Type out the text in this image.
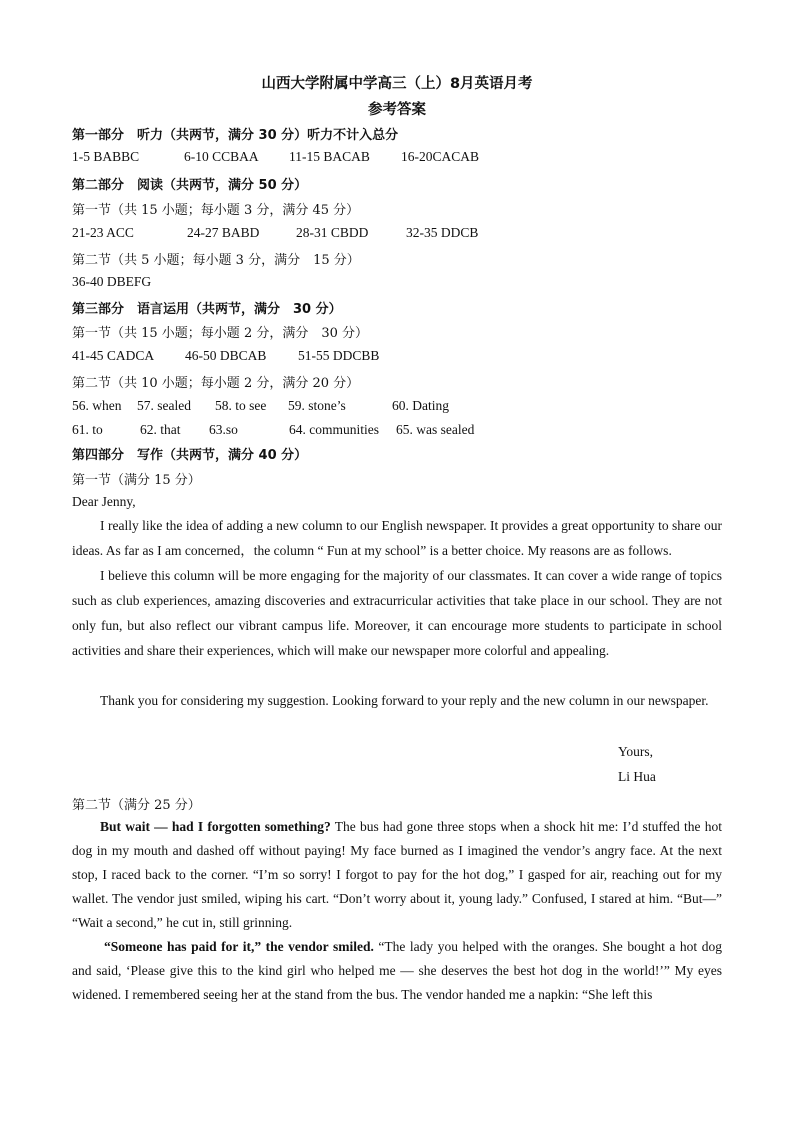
山西大学附属中学高三（上）8月英语月考
参考答案
第一部分　听力（共两节，满分 30 分）听力不计入总分
1-5 BABBC	6-10 CCBAA 11-15 BACAB 16-20CACAB
第二部分　阅读（共两节，满分 50 分）
第一节（共 15 小题；每小题 3 分，满分 45 分）
21-23 ACC	24-27 BABD	28-31 CBDD	32-35 DDCB
第二节（共 5 小题；每小题 3 分，满分　15 分）
36-40 DBEFG
第三部分　语言运用（共两节，满分　30 分）
第一节（共 15 小题；每小题 2 分，满分　30 分）
41-45 CADCA 46-50 DBCAB 51-55 DDCBB
第二节（共 10 小题；每小题 2 分，满分 20 分）
56. when 57. sealed 58. to see 59. stone’s	60. Dating
61. to	62. that 63.so	64. communities 65. was sealed
第四部分　写作（共两节，满分 40 分）
第一节（满分 15 分）
Dear Jenny,
I really like the idea of adding a new column to our English newspaper. It provides a great opportunity to share our ideas. As far as I am concerned，the column “ Fun at my school” is a better choice. My reasons are as follows.
I believe this column will be more engaging for the majority of our classmates. It can cover a wide range of topics such as club experiences, amazing discoveries and extracurricular activities that take place in our school. They are not only fun, but also reflect our vibrant campus life. Moreover, it can encourage more students to participate in school activities and share their experiences, which will make our newspaper more colorful and appealing.
Thank you for considering my suggestion. Looking forward to your reply and the new column in our newspaper.
Yours,
Li Hua
第二节（满分 25 分）
But wait — had I forgotten something? The bus had gone three stops when a shock hit me: I’d stuffed the hot dog in my mouth and dashed off without paying! My face burned as I imagined the vendor’s angry face. At the next stop, I raced back to the corner. “I’m so sorry! I forgot to pay for the hot dog,” I gasped for air, reaching out for my wallet. The vendor just smiled, wiping his cart. “Don’t worry about it, young lady.” Confused, I stared at him. “But—” “Wait a second,” he cut in, still grinning.
“Someone has paid for it,” the vendor smiled. “The lady you helped with the oranges. She bought a hot dog and said, ‘Please give this to the kind girl who helped me — she deserves the best hot dog in the world!’” My eyes widened. I remembered seeing her at the stand from the bus. The vendor handed me a napkin: “She left this
